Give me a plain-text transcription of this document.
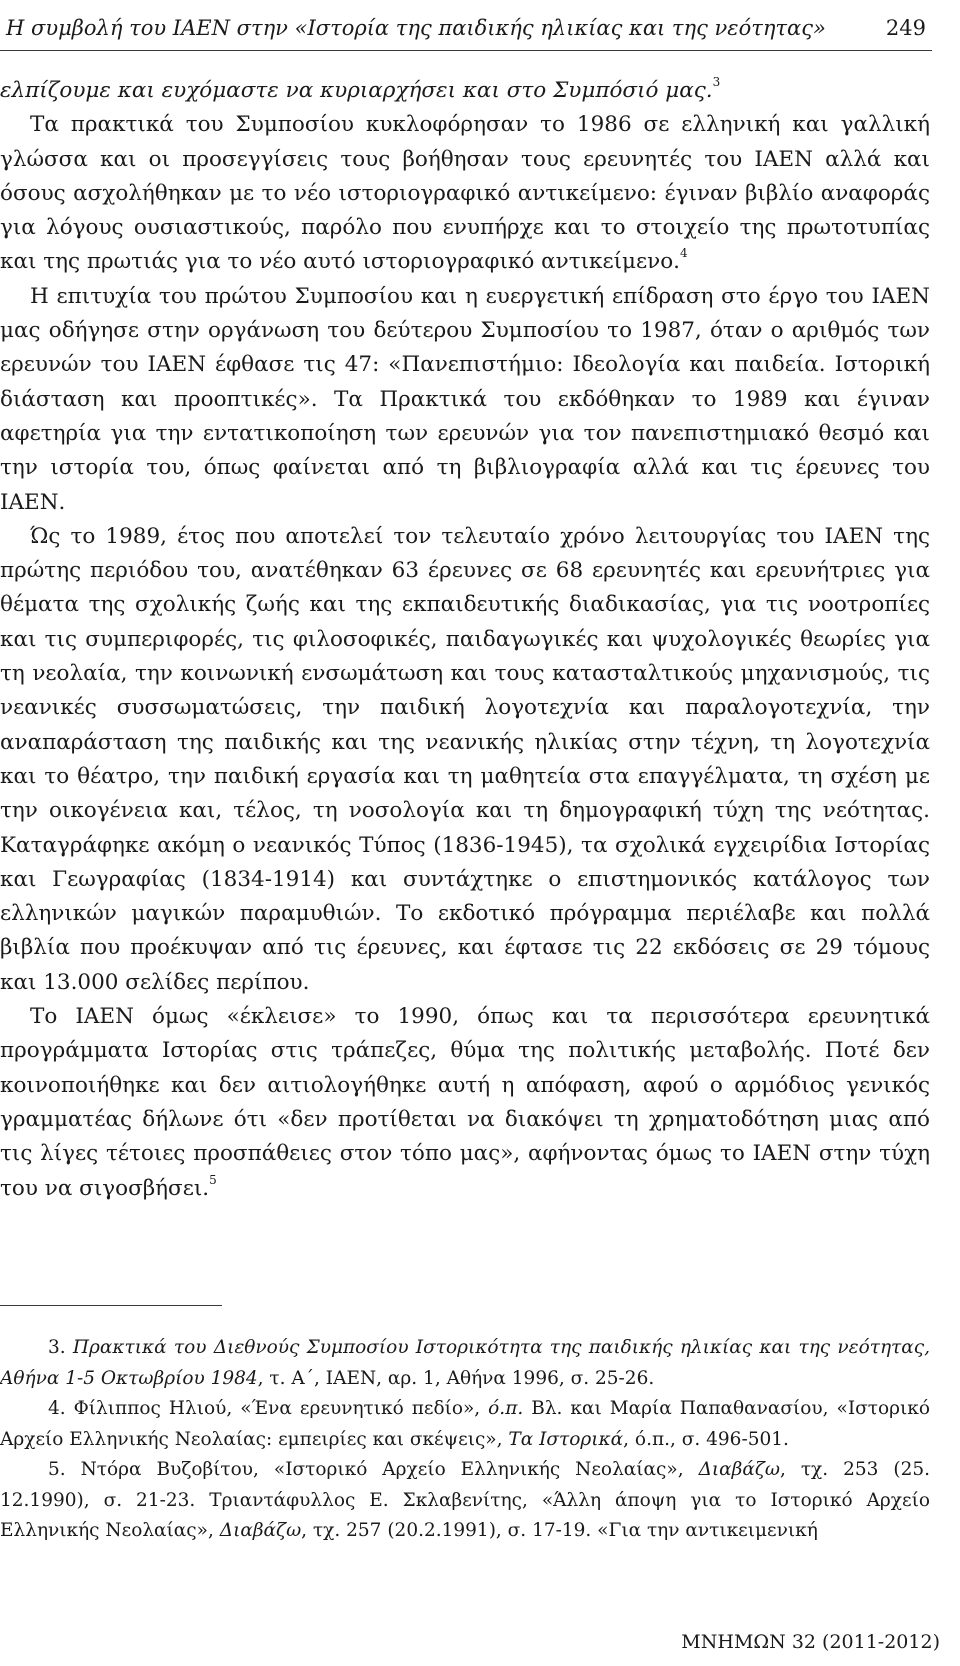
Η συμβολή του ΙΑΕΝ στην «Ιστορία της παιδικής ηλικίας και της νεότητας»	249

ελπίζουμε και ευχόμαστε να κυριαρχήσει και στο Συμπόσιό μας.$^3$

Τα πρακτικά του Συμποσίου κυκλοφόρησαν το 1986 σε ελληνική και γαλλική γλώσσα και οι προσεγγίσεις τους βοήθησαν τους ερευνητές του ΙΑΕΝ αλλά και όσους ασχολήθηκαν με το νέο ιστοριογραφικό αντικείμενο: έγιναν βιβλίο αναφοράς για λόγους ουσιαστικούς, παρόλο που ενυπήρχε και το στοιχείο της πρωτοτυπίας και της πρωτιάς για το νέο αυτό ιστοριογραφικό αντικείμενο.$^4$

Η επιτυχία του πρώτου Συμποσίου και η ευεργετική επίδραση στο έργο του ΙΑΕΝ μας οδήγησε στην οργάνωση του δεύτερου Συμποσίου το 1987, όταν ο αριθμός των ερευνών του ΙΑΕΝ έφθασε τις 47: «Πανεπιστήμιο: Ιδεολογία και παιδεία. Ιστορική διάσταση και προοπτικές». Τα Πρακτικά του εκδόθηκαν το 1989 και έγιναν αφετηρία για την εντατικοποίηση των ερευνών για τον πανεπιστημιακό θεσμό και την ιστορία του, όπως φαίνεται από τη βιβλιογραφία αλλά και τις έρευνες του ΙΑΕΝ.

Ώς το 1989, έτος που αποτελεί τον τελευταίο χρόνο λειτουργίας του ΙΑΕΝ της πρώτης περιόδου του, ανατέθηκαν 63 έρευνες σε 68 ερευνητές και ερευνήτριες για θέματα της σχολικής ζωής και της εκπαιδευτικής διαδικασίας, για τις νοοτροπίες και τις συμπεριφορές, τις φιλοσοφικές, παιδαγωγικές και ψυχολογικές θεωρίες για τη νεολαία, την κοινωνική ενσωμάτωση και τους κατασταλτικούς μηχανισμούς, τις νεανικές συσσωματώσεις, την παιδική λογοτεχνία και παραλογοτεχνία, την αναπαράσταση της παιδικής και της νεανικής ηλικίας στην τέχνη, τη λογοτεχνία και το θέατρο, την παιδική εργασία και τη μαθητεία στα επαγγέλματα, τη σχέση με την οικογένεια και, τέλος, τη νοσολογία και τη δημογραφική τύχη της νεότητας. Καταγράφηκε ακόμη ο νεανικός Τύπος (1836-1945), τα σχολικά εγχειρίδια Ιστορίας και Γεωγραφίας (1834-1914) και συντάχτηκε ο επιστημονικός κατάλογος των ελληνικών μαγικών παραμυθιών. Το εκδοτικό πρόγραμμα περιέλαβε και πολλά βιβλία που προέκυψαν από τις έρευνες, και έφτασε τις 22 εκδόσεις σε 29 τόμους και 13.000 σελίδες περίπου.

Το ΙΑΕΝ όμως «έκλεισε» το 1990, όπως και τα περισσότερα ερευνητικά προγράμματα Ιστορίας στις τράπεζες, θύμα της πολιτικής μεταβολής. Ποτέ δεν κοινοποιήθηκε και δεν αιτιολογήθηκε αυτή η απόφαση, αφού ο αρμόδιος γενικός γραμματέας δήλωνε ότι «δεν προτίθεται να διακόψει τη χρηματοδότηση μιας από τις λίγες τέτοιες προσπάθειες στον τόπο μας», αφήνοντας όμως το ΙΑΕΝ στην τύχη του να σιγοσβήσει.$^5$

3. Πρακτικά του Διεθνούς Συμποσίου Ιστορικότητα της παιδικής ηλικίας και της νεότητας, Αθήνα 1-5 Οκτωβρίου 1984, τ. Α΄, ΙΑΕΝ, αρ. 1, Αθήνα 1996, σ. 25-26.

4. Φίλιππος Ηλιού, «Ένα ερευνητικό πεδίο», ό.π. Βλ. και Μαρία Παπαθανασίου, «Ιστορικό Αρχείο Ελληνικής Νεολαίας: εμπειρίες και σκέψεις», Τα Ιστορικά, ό.π., σ. 496-501.

5. Ντόρα Βυζοβίτου, «Ιστορικό Αρχείο Ελληνικής Νεολαίας», Διαβάζω, τχ. 253 (25. 12.1990), σ. 21-23. Τριαντάφυλλος Ε. Σκλαβενίτης, «Άλλη άποψη για το Ιστορικό Αρχείο Ελληνικής Νεολαίας», Διαβάζω, τχ. 257 (20.2.1991), σ. 17-19. «Για την αντικειμενική

ΜΝΗΜΩΝ 32 (2011-2012)
